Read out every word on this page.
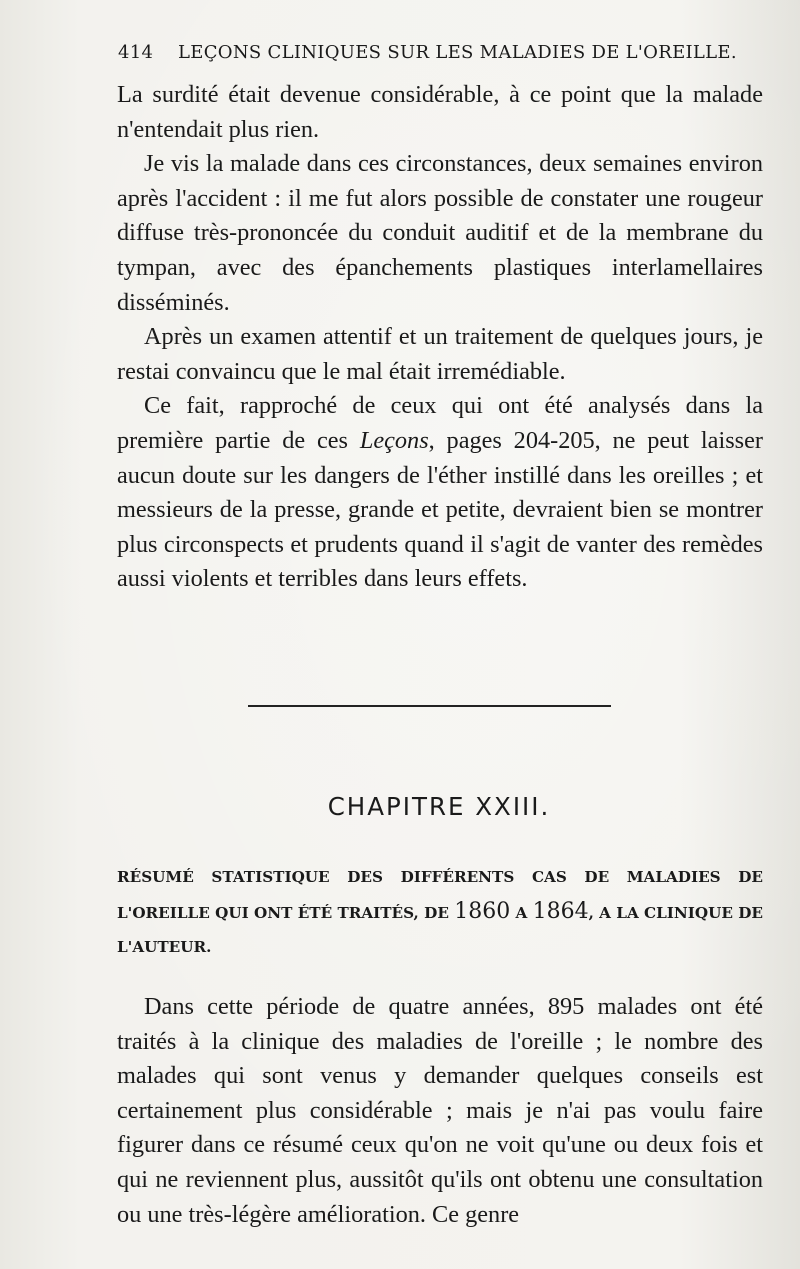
414 LEÇONS CLINIQUES SUR LES MALADIES DE L'OREILLE.

La surdité était devenue considérable, à ce point que la malade n'entendait plus rien.

Je vis la malade dans ces circonstances, deux semaines environ après l'accident : il me fut alors possible de constater une rougeur diffuse très-prononcée du conduit auditif et de la membrane du tympan, avec des épanchements plastiques interlamellaires disséminés.

Après un examen attentif et un traitement de quelques jours, je restai convaincu que le mal était irremédiable.

Ce fait, rapproché de ceux qui ont été analysés dans la première partie de ces Leçons, pages 204-205, ne peut laisser aucun doute sur les dangers de l'éther instillé dans les oreilles ; et messieurs de la presse, grande et petite, devraient bien se montrer plus circonspects et prudents quand il s'agit de vanter des remèdes aussi violents et terribles dans leurs effets.

CHAPITRE XXIII.
RÉSUMÉ STATISTIQUE DES DIFFÉRENTS CAS DE MALADIES DE L'OREILLE QUI ONT ÉTÉ TRAITÉS, DE 1860 A 1864, A LA CLINIQUE DE L'AUTEUR.

Dans cette période de quatre années, 895 malades ont été traités à la clinique des maladies de l'oreille ; le nombre des malades qui sont venus y demander quelques conseils est certainement plus considérable ; mais je n'ai pas voulu faire figurer dans ce résumé ceux qu'on ne voit qu'une ou deux fois et qui ne reviennent plus, aussitôt qu'ils ont obtenu une consultation ou une très-légère amélioration. Ce genre
